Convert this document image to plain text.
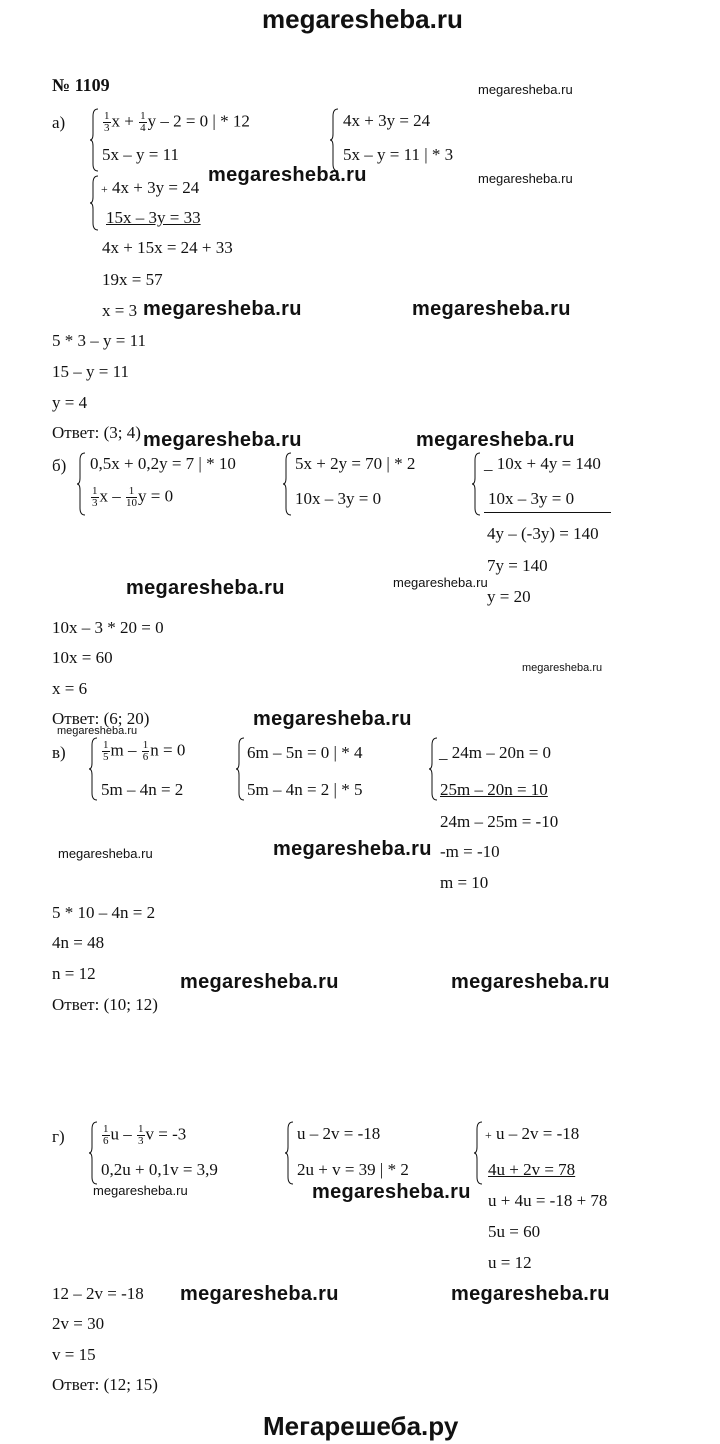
megaresheba.ru
№ 1109
а)	$\frac{1}{3}$ $x + \frac{1}{4}$ y – 2 = 0 | * 12
5x – y = 11
4x + 3y = 24
5x – y = 11 | * 3
+ 4x + 3y = 24
15x – 3y = 33
4x + 15x = 24 + 33
19x = 57
x = 3
5 * 3 – y = 11
15 – y = 11
y = 4
Ответ: (3; 4)
б) 0,5x + 0,2y = 7 | * 10
$\frac{1}{3}$ x – $\frac{1}{10}$ y = 0
5x + 2y = 70 | * 2
10x – 3y = 0
_ 10x + 4y = 140
10x – 3y = 0
4y – (-3y) = 140
7y = 140
y = 20
10x – 3 * 20 = 0
10x = 60
x = 6
Ответ: (6; 20)
в)	$\frac{1}{5}$ m – $\frac{1}{6}$ n = 0
5m – 4n = 2
6m – 5n = 0 | * 4
5m – 4n = 2 | * 5
_ 24m – 20n = 0
25m – 20n = 10
24m – 25m = -10
-m = -10
m = 10
5 * 10 – 4n = 2
4n = 48
n = 12
Ответ: (10; 12)
г)	$\frac{1}{6}$ u – $\frac{1}{3}$ v = -3
0,2u + 0,1v = 3,9
u – 2v = -18
2u + v = 39 | * 2
+ u – 2v = -18
4u + 2v = 78
u + 4u = -18 + 78
5u = 60
u = 12
12 – 2v = -18
2v = 30
v = 15
Ответ: (12; 15)
megaresheba.ru
megaresheba.ru	megaresheba.ru
megaresheba.ru	megaresheba.ru
megaresheba.ru	megaresheba.ru
megaresheba.ru	megaresheba.ru
megaresheba.ru
megaresheba.ru
megaresheba.ru
megaresheba.ru	megaresheba.ru
megaresheba.ru	megaresheba.ru
megaresheba.ru	megaresheba.ru
megaresheba.ru	megaresheba.ru
Мегарешеба.ру
